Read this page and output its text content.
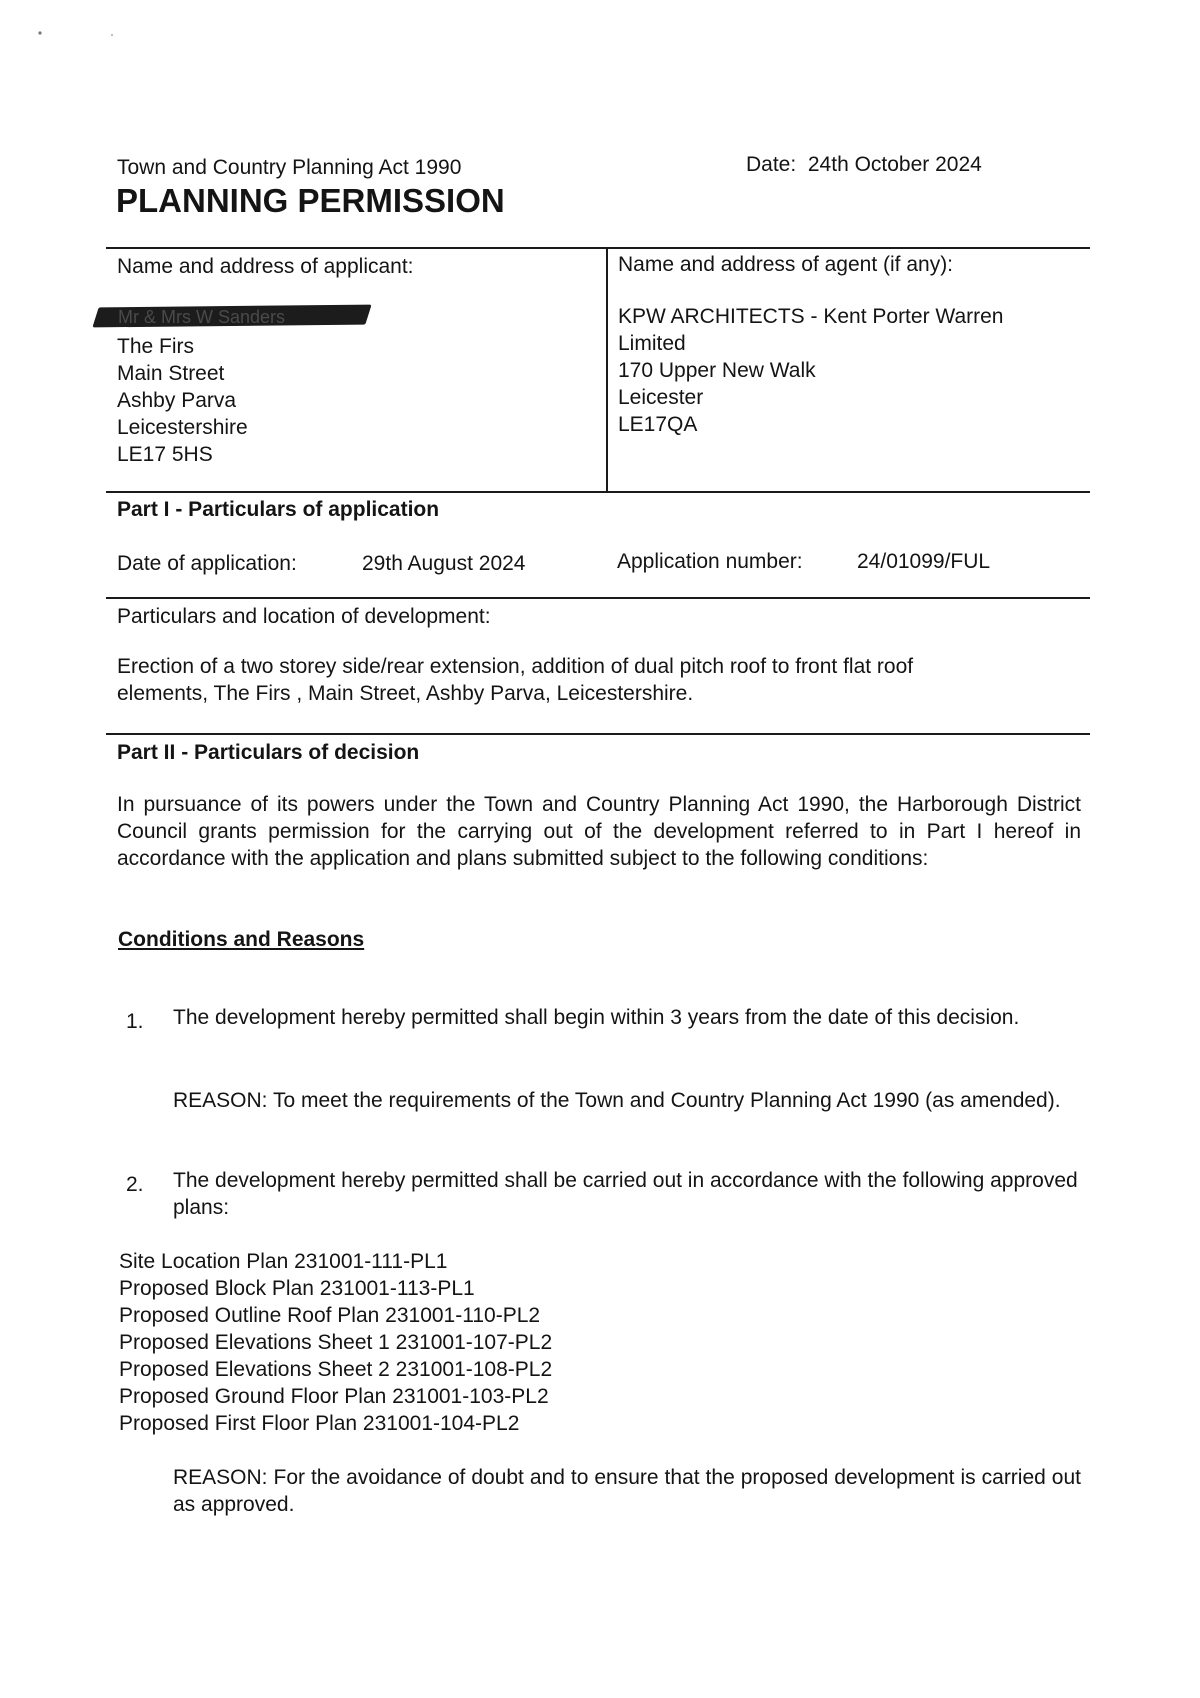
Town and Country Planning Act 1990
PLANNING PERMISSION
Date: 24th October 2024
Name and address of applicant:
Mr & Mrs W Sanders
The Firs
Main Street
Ashby Parva
Leicestershire
LE17 5HS
Name and address of agent (if any):
KPW ARCHITECTS - Kent Porter Warren
Limited
170 Upper New Walk
Leicester
LE17QA
Part I - Particulars of application
Date of application:	29th August 2024	Application number:	24/01099/FUL
Particulars and location of development:
Erection of a two storey side/rear extension, addition of dual pitch roof to front flat roof elements, The Firs , Main Street, Ashby Parva, Leicestershire.
Part II - Particulars of decision
In pursuance of its powers under the Town and Country Planning Act 1990, the Harborough District Council grants permission for the carrying out of the development referred to in Part I hereof in accordance with the application and plans submitted subject to the following conditions:
Conditions and Reasons
1. The development hereby permitted shall begin within 3 years from the date of this decision.
REASON: To meet the requirements of the Town and Country Planning Act 1990 (as amended).
2. The development hereby permitted shall be carried out in accordance with the following approved plans:
Site Location Plan 231001-111-PL1
Proposed Block Plan 231001-113-PL1
Proposed Outline Roof Plan 231001-110-PL2
Proposed Elevations Sheet 1 231001-107-PL2
Proposed Elevations Sheet 2 231001-108-PL2
Proposed Ground Floor Plan 231001-103-PL2
Proposed First Floor Plan 231001-104-PL2
REASON: For the avoidance of doubt and to ensure that the proposed development is carried out as approved.
